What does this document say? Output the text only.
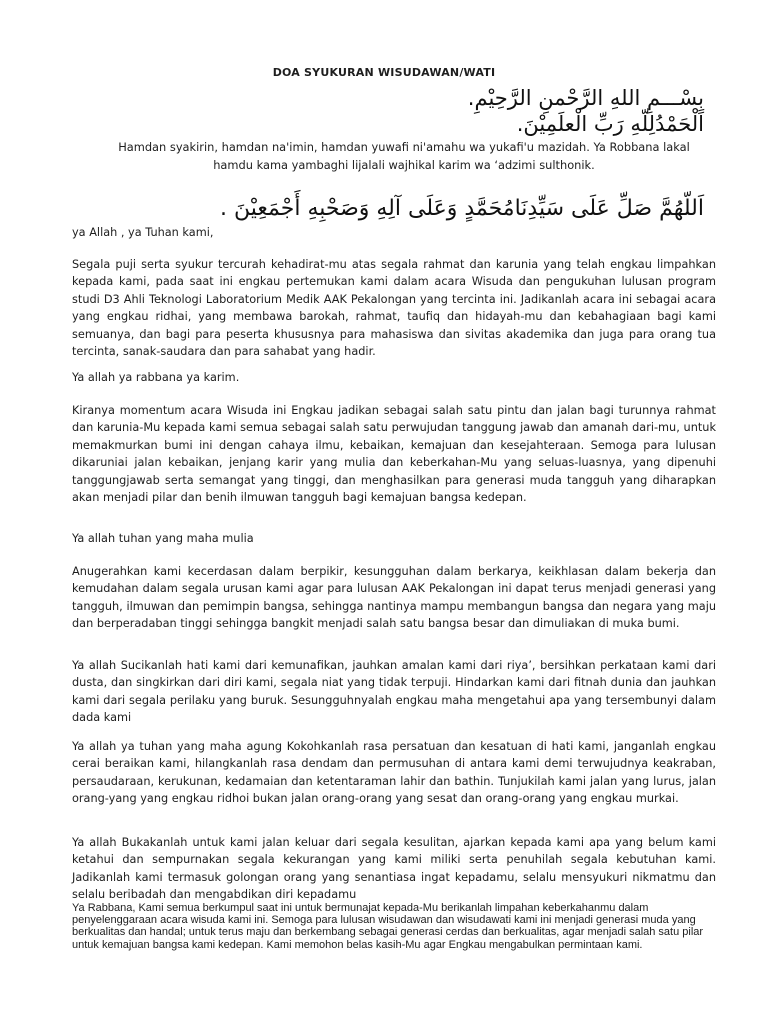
DOA SYUKURAN WISUDAWAN/WATI
بِسْـــمِ اللهِ الرَّحْمنِ الرَّحِيْمِ.
اَلْحَمْدُلِلّهِ رَبِّ الْعلَمِيْنَ.
Hamdan syakirin, hamdan na'imin, hamdan yuwafi ni'amahu wa yukafi'u mazidah. Ya Robbana lakal
hamdu kama yambaghi lijalali wajhikal karim wa ‘adzimi sulthonik.
اَللّهُمَّ صَلِّ عَلَى سَيِّدِنَامُحَمَّدٍ وَعَلَى آلِهِ وَصَحْبِهِ أَجْمَعِيْنَ .

ya Allah , ya Tuhan kami,

Segala puji serta syukur tercurah kehadirat-mu atas segala rahmat dan karunia yang telah engkau limpahkan kepada kami, pada saat ini engkau pertemukan kami dalam acara Wisuda dan pengukuhan lulusan program studi D3 Ahli Teknologi Laboratorium Medik AAK Pekalongan yang tercinta ini. Jadikanlah acara ini sebagai acara yang engkau ridhai, yang membawa barokah, rahmat, taufiq dan hidayah-mu dan kebahagiaan bagi kami semuanya, dan bagi para peserta khususnya para mahasiswa dan sivitas akademika dan juga para orang tua tercinta, sanak-saudara dan para sahabat yang hadir.

Ya allah ya rabbana ya karim.

Kiranya momentum acara Wisuda ini Engkau jadikan sebagai salah satu pintu dan jalan bagi turunnya rahmat dan karunia-Mu kepada kami semua sebagai salah satu perwujudan tanggung jawab dan amanah dari-mu, untuk memakmurkan bumi ini dengan cahaya ilmu, kebaikan, kemajuan dan kesejahteraan. Semoga para lulusan dikaruniai jalan kebaikan, jenjang karir yang mulia dan keberkahan-Mu yang seluas-luasnya, yang dipenuhi tanggungjawab serta semangat yang tinggi, dan menghasilkan para generasi muda tangguh yang diharapkan akan menjadi pilar dan benih ilmuwan tangguh bagi kemajuan bangsa kedepan.

Ya allah tuhan yang maha mulia

Anugerahkan kami kecerdasan dalam berpikir, kesungguhan dalam berkarya, keikhlasan dalam bekerja dan kemudahan dalam segala urusan kami agar para lulusan AAK Pekalongan ini dapat terus menjadi generasi yang tangguh, ilmuwan dan pemimpin bangsa, sehingga nantinya mampu membangun bangsa dan negara yang maju dan berperadaban tinggi sehingga bangkit menjadi salah satu bangsa besar dan dimuliakan di muka bumi.

Ya allah Sucikanlah hati kami dari kemunafikan, jauhkan amalan kami dari riya’, bersihkan perkataan kami dari dusta, dan singkirkan dari diri kami, segala niat yang tidak terpuji. Hindarkan kami dari fitnah dunia dan jauhkan kami dari segala perilaku yang buruk. Sesungguhnyalah engkau maha mengetahui apa yang tersembunyi dalam dada kami

Ya allah ya tuhan yang maha agung Kokohkanlah rasa persatuan dan kesatuan di hati kami, janganlah engkau cerai beraikan kami, hilangkanlah rasa dendam dan permusuhan di antara kami demi terwujudnya keakraban, persaudaraan, kerukunan, kedamaian dan ketentaraman lahir dan bathin. Tunjukilah kami jalan yang lurus, jalan orang-yang yang engkau ridhoi bukan jalan orang-orang yang sesat dan orang-orang yang engkau murkai.

Ya allah Bukakanlah untuk kami jalan keluar dari segala kesulitan, ajarkan kepada kami apa yang belum kami ketahui dan sempurnakan segala kekurangan yang kami miliki serta penuhilah segala kebutuhan kami. Jadikanlah kami termasuk golongan orang yang senantiasa ingat kepadamu, selalu mensyukuri nikmatmu dan selalu beribadah dan mengabdikan diri kepadamu

Ya Rabbana, Kami semua berkumpul saat ini untuk bermunajat kepada-Mu berikanlah limpahan keberkahanmu dalam penyelenggaraan acara wisuda kami ini. Semoga para lulusan wisudawan dan wisudawati kami ini menjadi generasi muda yang berkualitas dan handal; untuk terus maju dan berkembang sebagai generasi cerdas dan berkualitas, agar menjadi salah satu pilar untuk kemajuan bangsa kami kedepan. Kami memohon belas kasih-Mu agar Engkau mengabulkan permintaan kami.
